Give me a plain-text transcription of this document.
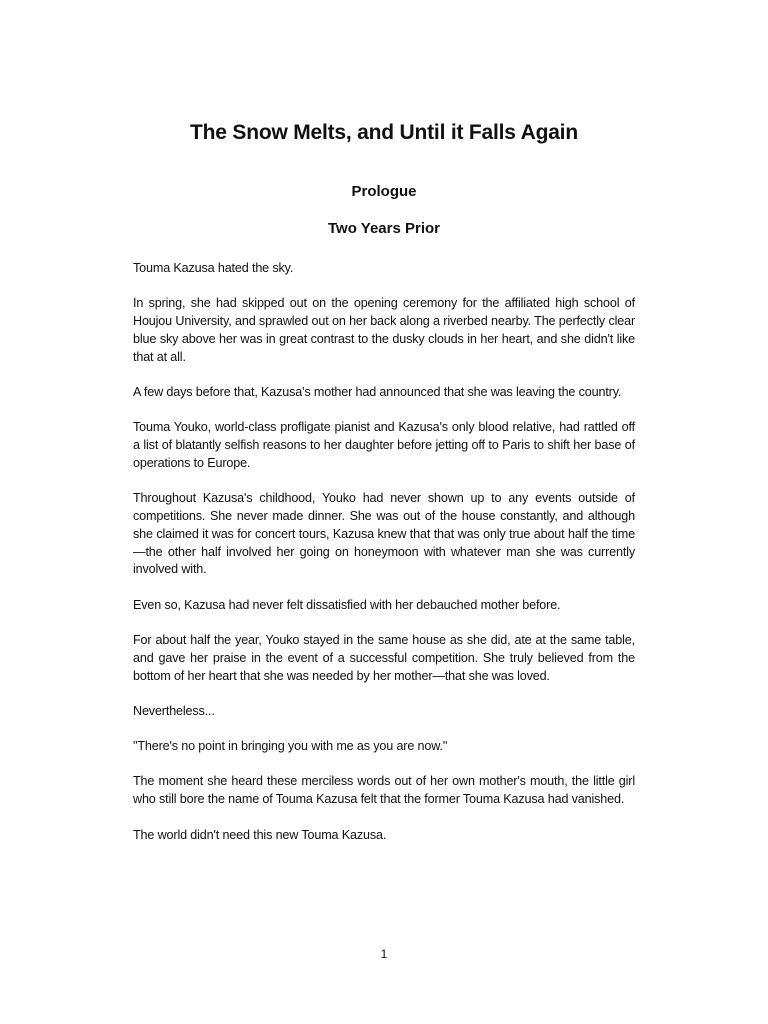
The Snow Melts, and Until it Falls Again
Prologue
Two Years Prior

Touma Kazusa hated the sky.

In spring, she had skipped out on the opening ceremony for the affiliated high school of Houjou University, and sprawled out on her back along a riverbed nearby. The perfectly clear blue sky above her was in great contrast to the dusky clouds in her heart, and she didn't like that at all.

A few days before that, Kazusa's mother had announced that she was leaving the country.

Touma Youko, world-class profligate pianist and Kazusa's only blood relative, had rattled off a list of blatantly selfish reasons to her daughter before jetting off to Paris to shift her base of operations to Europe.

Throughout Kazusa's childhood, Youko had never shown up to any events outside of competitions. She never made dinner. She was out of the house constantly, and although she claimed it was for concert tours, Kazusa knew that that was only true about half the time—the other half involved her going on honeymoon with whatever man she was currently involved with.

Even so, Kazusa had never felt dissatisfied with her debauched mother before.

For about half the year, Youko stayed in the same house as she did, ate at the same table, and gave her praise in the event of a successful competition. She truly believed from the bottom of her heart that she was needed by her mother—that she was loved.

Nevertheless...

"There's no point in bringing you with me as you are now."

The moment she heard these merciless words out of her own mother's mouth, the little girl who still bore the name of Touma Kazusa felt that the former Touma Kazusa had vanished.

The world didn't need this new Touma Kazusa.

1
